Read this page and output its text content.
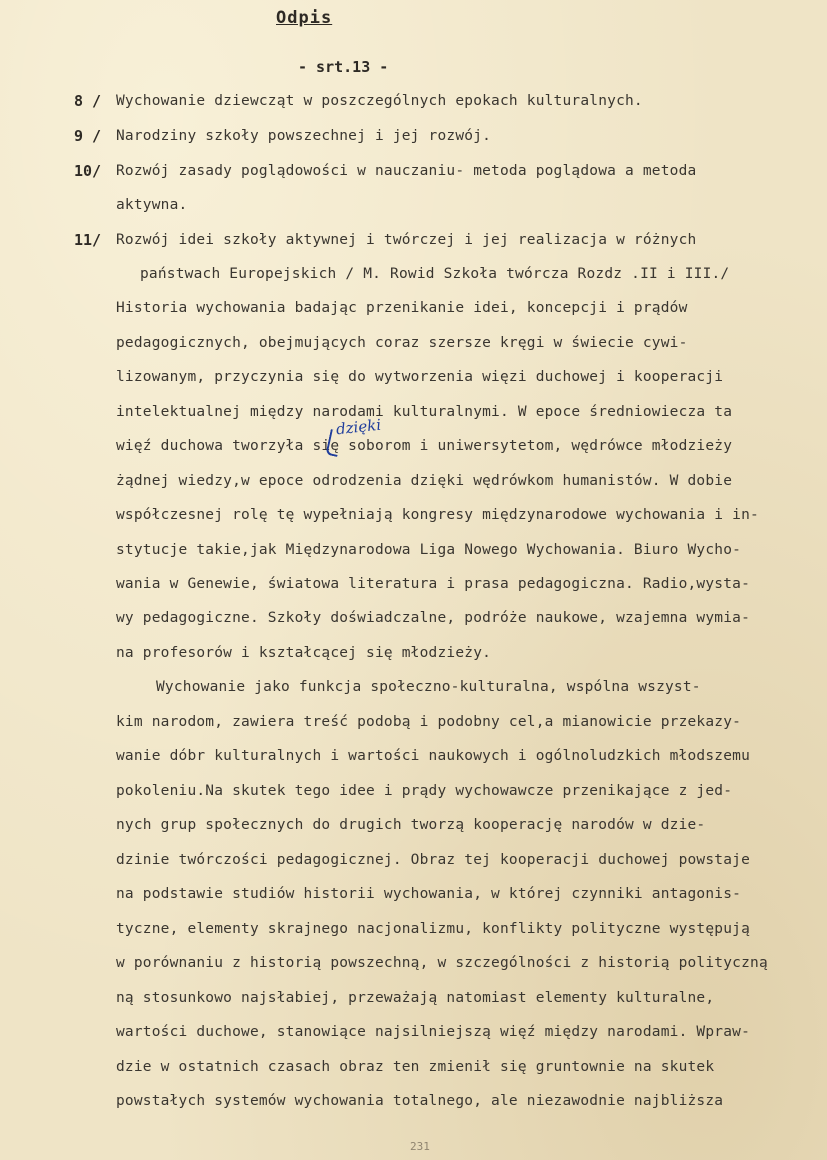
Odpis
- srt.13 -
8 / Wychowanie dziewcząt w poszczególnych epokach kulturalnych.
9 / Narodziny szkoły powszechnej i jej rozwój.
10/ Rozwój zasady poglądowości w nauczaniu- metoda poglądowa a metoda
aktywna.
11/ Rozwój idei szkoły aktywnej i twórczej i jej realizacja w różnych
państwach Europejskich / M. Rowid Szkoła twórcza Rozdz .II i III./
Historia wychowania badając przenikanie idei, koncepcji i prądów
pedagogicznych, obejmujących coraz szersze kręgi w świecie cywi-
lizowanym, przyczynia się do wytworzenia więzi duchowej i kooperacji
intelektualnej między narodami kulturalnymi. W epoce średniowiecza ta
więź duchowa tworzyła się soborom i uniwersytetom, wędrówce młodzieży
żądnej wiedzy,w epoce odrodzenia dzięki wędrówkom humanistów. W dobie
współczesnej rolę tę wypełniają kongresy międzynarodowe wychowania i in-
stytucje takie,jak Międzynarodowa Liga Nowego Wychowania. Biuro Wycho-
wania w Genewie, światowa literatura i prasa pedagogiczna. Radio,wysta-
wy pedagogiczne. Szkoły doświadczalne, podróże naukowe, wzajemna wymia-
na profesorów i kształcącej się młodzieży.
Wychowanie jako funkcja społeczno-kulturalna, wspólna wszyst-
kim narodom, zawiera treść podobą i podobny cel,a mianowicie przekazy-
wanie dóbr kulturalnych i wartości naukowych i ogólnoludzkich młodszemu
pokoleniu.Na skutek tego idee i prądy wychowawcze przenikające z jed-
nych grup społecznych do drugich tworzą kooperację narodów w dzie-
dzinie twórczości pedagogicznej. Obraz tej kooperacji duchowej powstaje
na podstawie studiów historii wychowania, w której czynniki antagonis-
tyczne, elementy skrajnego nacjonalizmu, konflikty polityczne występują
w porównaniu z historią powszechną, w szczególności z historią polityczną
ną stosunkowo najsłabiej, przeważają natomiast elementy kulturalne,
wartości duchowe, stanowiące najsilniejszą więź między narodami. Wpraw-
dzie w ostatnich czasach obraz ten zmienił się gruntownie na skutek
powstałych systemów wychowania totalnego, ale niezawodnie najbliższa
dzięki
231
